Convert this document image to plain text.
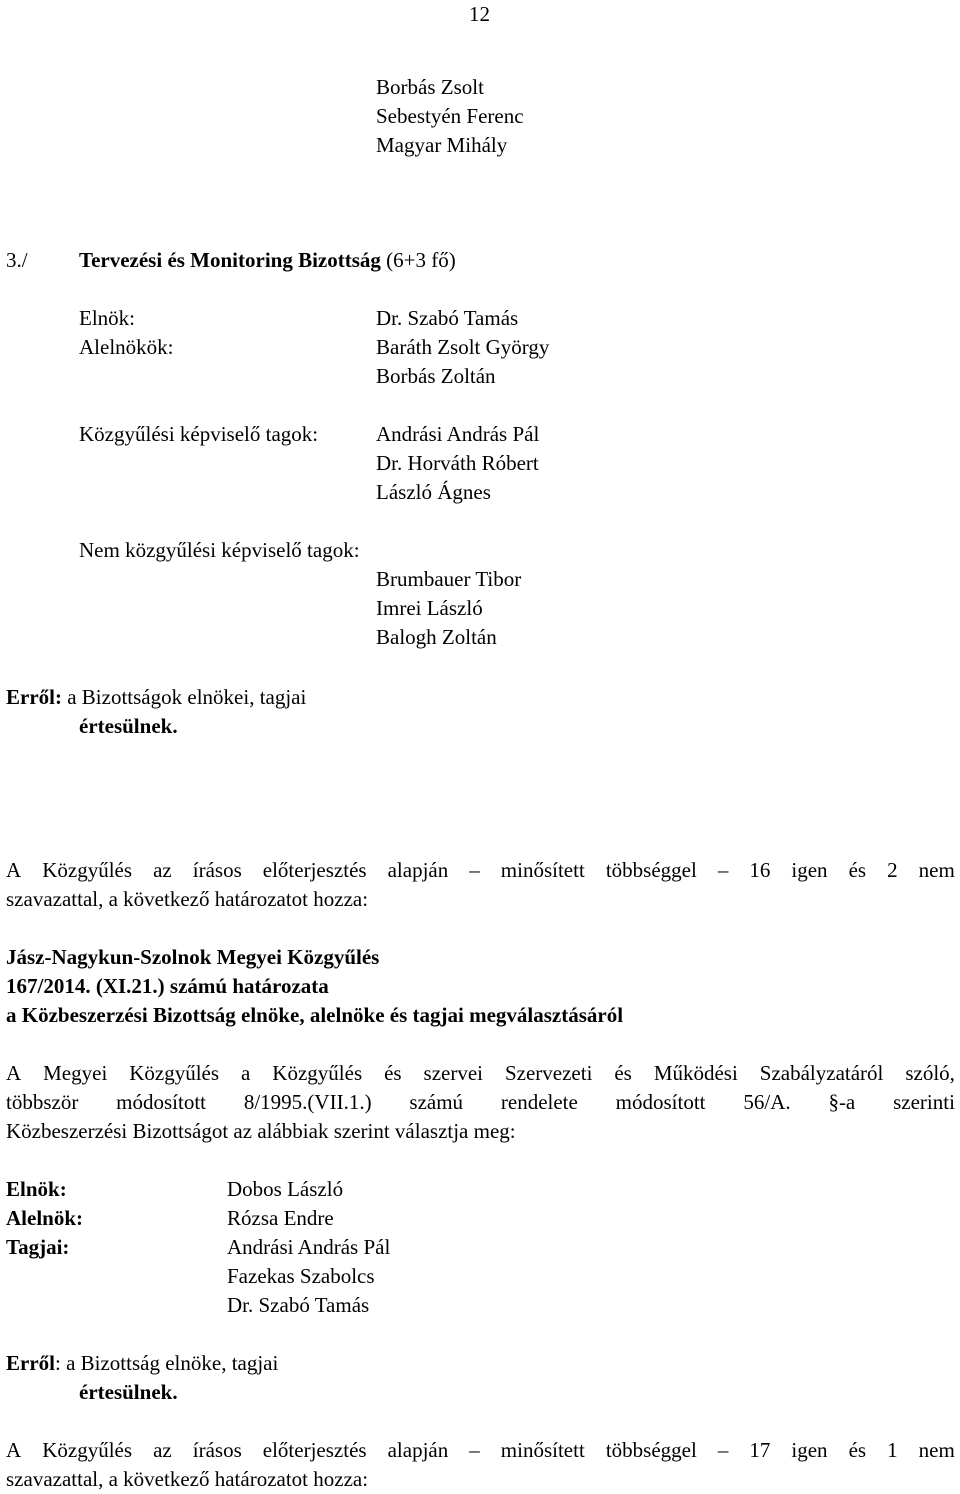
12
Borbás Zsolt
Sebestyén Ferenc
Magyar Mihály
3./ Tervezési és Monitoring Bizottság (6+3 fő)
Elnök:	Dr. Szabó Tamás
Alelnökök:	Baráth Zsolt György
Borbás Zoltán
Közgyűlési képviselő tagok:	Andrási András Pál
Dr. Horváth Róbert
László Ágnes
Nem közgyűlési képviselő tagok:
Brumbauer Tibor
Imrei László
Balogh Zoltán
Erről: a Bizottságok elnökei, tagjai
értesülnek.
A Közgyűlés az írásos előterjesztés alapján – minősített többséggel – 16 igen és 2 nem
szavazattal, a következő határozatot hozza:
Jász-Nagykun-Szolnok Megyei Közgyűlés
167/2014. (XI.21.) számú határozata
a Közbeszerzési Bizottság elnöke, alelnöke és tagjai megválasztásáról
A Megyei Közgyűlés a Közgyűlés és szervei Szervezeti és Működési Szabályzatáról szóló,
többször módosított 8/1995.(VII.1.) számú rendelete módosított 56/A. §-a szerinti
Közbeszerzési Bizottságot az alábbiak szerint választja meg:
Elnök:	Dobos László
Alelnök:	Rózsa Endre
Tagjai:	Andrási András Pál
Fazekas Szabolcs
Dr. Szabó Tamás
Erről: a Bizottság elnöke, tagjai
értesülnek.
A Közgyűlés az írásos előterjesztés alapján – minősített többséggel – 17 igen és 1 nem
szavazattal, a következő határozatot hozza:
